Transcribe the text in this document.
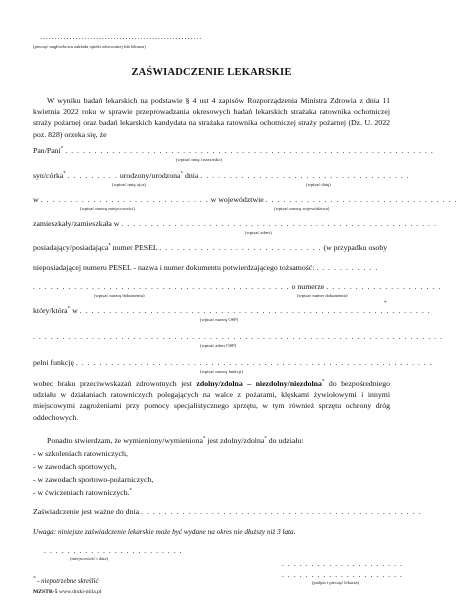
.......................................................
(pieczęć nagłówkowa zakładu opieki zdrowotnej lub lekarza)
ZAŚWIADCZENIE LEKARSKIE
W wyniku badań lekarskich na podstawie § 4 ust 4 zapisów Rozporządzenia Ministra Zdrowia z dnia 11 kwietnia 2022 roku w sprawie przeprowadzania okresowych badań lekarskich strażaka ratownika ochotniczej straży pożarnej oraz badań lekarskich kandydata na strażaka ratownika ochotniczej straży pożarnej (Dz. U. 2022 poz. 828) orzeka się, że
Pan/Pani* . . . . . . . . . . . . . . . . . . . . . . . . . . . . . . . . . . . . . . . . . . . . . . . . . . . . . . . . . . . . . . .
(wpisać imię i nazwisko)
syn/córka* . . . . . . . . . urodzony/urodzona* dnia . . . . . . . . . . . . . . . . . . . . . . . . . . . . . . . . . . . .
(wpisać imię ojca)	(wpisać datę)
w . . . . . . . . . . . . . . . . . . . . . . . . . . . . . w województwie . . . . . . . . . . . . . . . . . . . . . . . . . . . . . . . . .
(wpisać nazwę miejscowości)	(wpisać nazwę województwa)
zamieszkały/zamieszkała w . . . . . . . . . . . . . . . . . . . . . . . . . . . . . . . . . . . . . . . . . . . . . . . . . . . . . .
(wpisać adres)
posiadający/posiadająca* numer PESEL . . . . . . . . . . . . . . . . . . . . . . . . . . . . (w przypadku osoby
nieposiadającej numeru PESEL - nazwa i numer dokumentu potwierdzającego tożsamość: . . . . . . . . . . .
. . . . . . . . . . . . . . . . . . . . . . . . . . . . . . . . . . . . . . . . . . . . o numerze . . . . . . . . . . . . . . . . . . . .
(wpisać nazwę dokumentu)	(wpisać numer dokumentu)
*
który/która* w . . . . . . . . . . . . . . . . . . . . . . . . . . . . . . . . . . . . . . . . . . . . . . . . . . . . . . . . . . . .
(wpisać nazwę OSP)
. . . . . . . . . . . . . . . . . . . . . . . . . . . . . . . . . . . . . . . . . . . . . . . . . . . . . . . . . . . . . . . . . . . . . .
(wpisać adres OSP)
pełni funkcję . . . . . . . . . . . . . . . . . . . . . . . . . . . . . . . . . . . . . . . . . . . . . . . . . . . . . . . . . . . . .
(wpisać nazwę funkcji)
wobec braku przeciwwskazań zdrowotnych jest zdolny/zdolna – niezdolny/niezdolna* do bezpośredniego udziału w działaniach ratowniczych polegających na walce z pożarami, klęskami żywiołowymi i innymi miejscowymi zagrożeniami przy pomocy specjalistycznego sprzętu, w tym również sprzętu ochrony dróg oddechowych.
Ponadto stwierdzam, że wymieniony/wymieniona* jest zdolny/zdolna* do udziału:
- w szkoleniach ratowniczych,
- w zawodach sportowych,
- w zawodach sportowo-pożarniczych,
- w ćwiczeniach ratowniczych.*
Zaświadczenie jest ważne do dnia . . . . . . . . . . . . . . . . . . . . . . . . . . . . . . . . . . . . . . . . . . . . . . . .
Uwaga: niniejsze zaświadczenie lekarskie może być wydane na okres nie dłuższy niż 3 lata.
. . . . . . . . . . . . . . . . . . . . . . . .
(miejscowość i data)
. . . . . . . . . . . . . . . . . . . . .
. . . . . . . . . . . . . . . . . . . . .
(podpis i pieczęć lekarza)
* - niepotrzebne skreślić
MZSTR-5 www.druki-mila.pl
